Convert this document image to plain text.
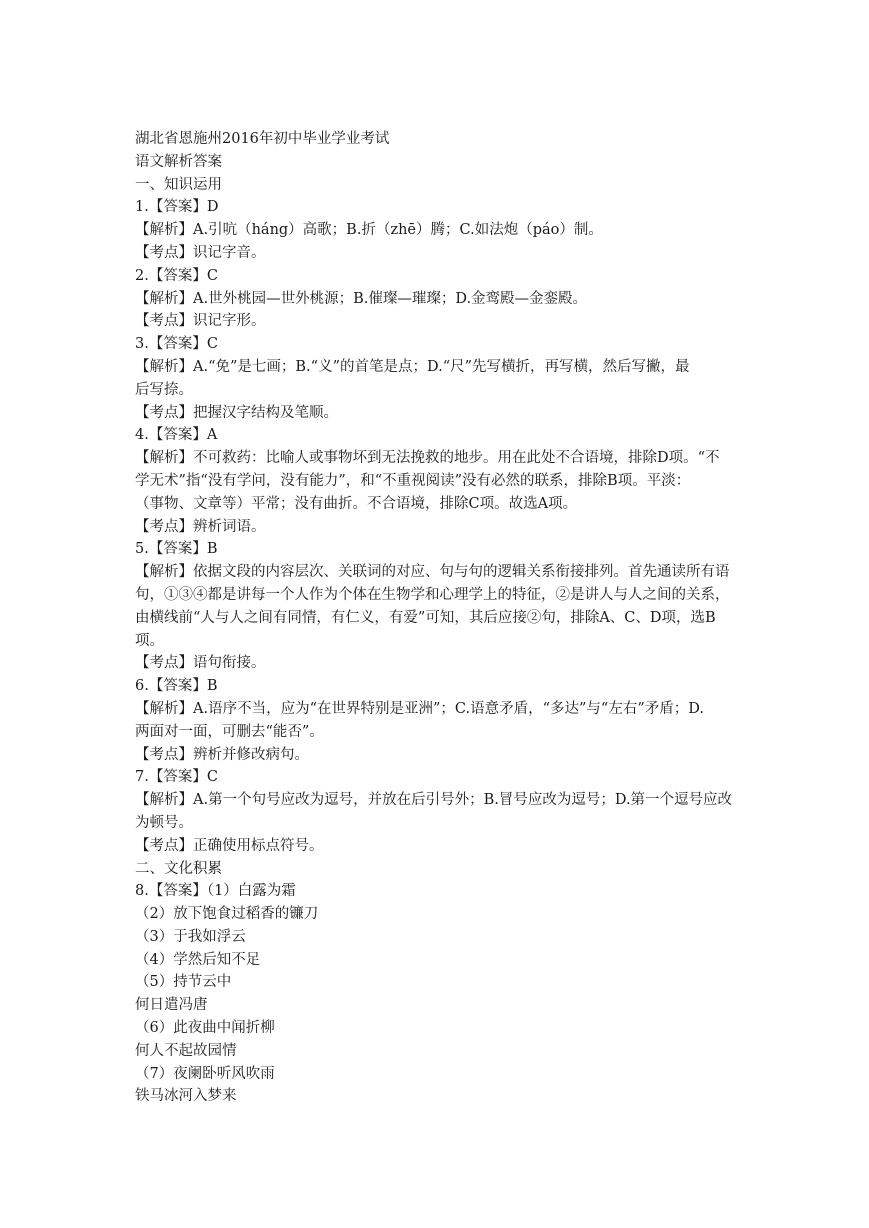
湖北省恩施州2016年初中毕业学业考试
语文解析答案
一、知识运用
1.【答案】D
【解析】A.引吭（háng）高歌；B.折（zhē）腾；C.如法炮（páo）制。
【考点】识记字音。
2.【答案】C
【解析】A.世外桃园—世外桃源；B.催璨—璀璨；D.金鸾殿—金銮殿。
【考点】识记字形。
3.【答案】C
【解析】A.“免”是七画；B.“义”的首笔是点；D.“尺”先写横折，再写横，然后写撇，最
后写捺。
【考点】把握汉字结构及笔顺。
4.【答案】A
【解析】不可救药：比喻人或事物坏到无法挽救的地步。用在此处不合语境，排除D项。“不
学无术”指“没有学问，没有能力”，和“不重视阅读”没有必然的联系，排除B项。平淡：
（事物、文章等）平常；没有曲折。不合语境，排除C项。故选A项。
【考点】辨析词语。
5.【答案】B
【解析】依据文段的内容层次、关联词的对应、句与句的逻辑关系衔接排列。首先通读所有语
句，①③④都是讲每一个人作为个体在生物学和心理学上的特征，②是讲人与人之间的关系，
由横线前“人与人之间有同情，有仁义，有爱”可知，其后应接②句，排除A、C、D项，选B
项。
【考点】语句衔接。
6.【答案】B
【解析】A.语序不当，应为“在世界特别是亚洲”；C.语意矛盾，“多达”与“左右”矛盾；D.
两面对一面，可删去“能否”。
【考点】辨析并修改病句。
7.【答案】C
【解析】A.第一个句号应改为逗号，并放在后引号外；B.冒号应改为逗号；D.第一个逗号应改
为顿号。
【考点】正确使用标点符号。
二、文化积累
8.【答案】（1）白露为霜
（2）放下饱食过稻香的镰刀
（3）于我如浮云
（4）学然后知不足
（5）持节云中
何日遣冯唐
（6）此夜曲中闻折柳
何人不起故园情
（7）夜阑卧听风吹雨
铁马冰河入梦来
